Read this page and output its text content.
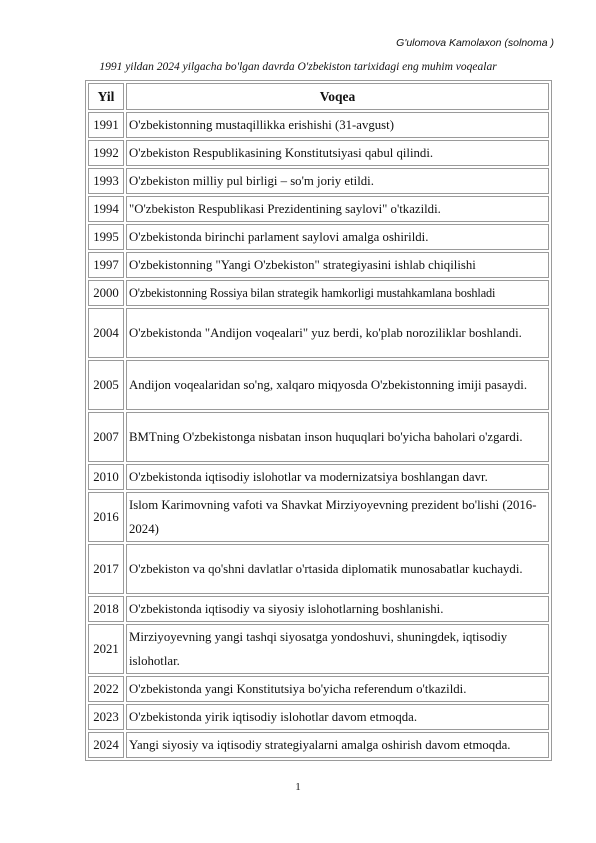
G'ulomova Kamolaxon (solnoma )
1991 yildan 2024 yilgacha bo'lgan davrda O'zbekiston tarixidagi eng muhim voqealar
Yil	Voqea
1991	O'zbekistonning mustaqillikka erishishi (31-avgust)
1992	O'zbekiston Respublikasining Konstitutsiyasi qabul qilindi.
1993	O'zbekiston milliy pul birligi – so'm joriy etildi.
1994	"O'zbekiston Respublikasi Prezidentining saylovi" o'tkazildi.
1995	O'zbekistonda birinchi parlament saylovi amalga oshirildi.
1997	O'zbekistonning "Yangi O'zbekiston" strategiyasini ishlab chiqilishi
2000	O'zbekistonning Rossiya bilan strategik hamkorligi mustahkamlana boshladi
2004	O'zbekistonda "Andijon voqealari" yuz berdi, ko'plab noroziliklar boshlandi.
2005	Andijon voqealaridan so'ng, xalqaro miqyosda O'zbekistonning imiji pasaydi.
2007	BMTning O'zbekistonga nisbatan inson huquqlari bo'yicha baholari o'zgardi.
2010	O'zbekistonda iqtisodiy islohotlar va modernizatsiya boshlangan davr.
2016	Islom Karimovning vafoti va Shavkat Mirziyoyevning prezident bo'lishi (2016-2024)
2017	O'zbekiston va qo'shni davlatlar o'rtasida diplomatik munosabatlar kuchaydi.
2018	O'zbekistonda iqtisodiy va siyosiy islohotlarning boshlanishi.
2021	Mirziyoyevning yangi tashqi siyosatga yondoshuvi, shuningdek, iqtisodiy islohotlar.
2022	O'zbekistonda yangi Konstitutsiya bo'yicha referendum o'tkazildi.
2023	O'zbekistonda yirik iqtisodiy islohotlar davom etmoqda.
2024	Yangi siyosiy va iqtisodiy strategiyalarni amalga oshirish davom etmoqda.
1
